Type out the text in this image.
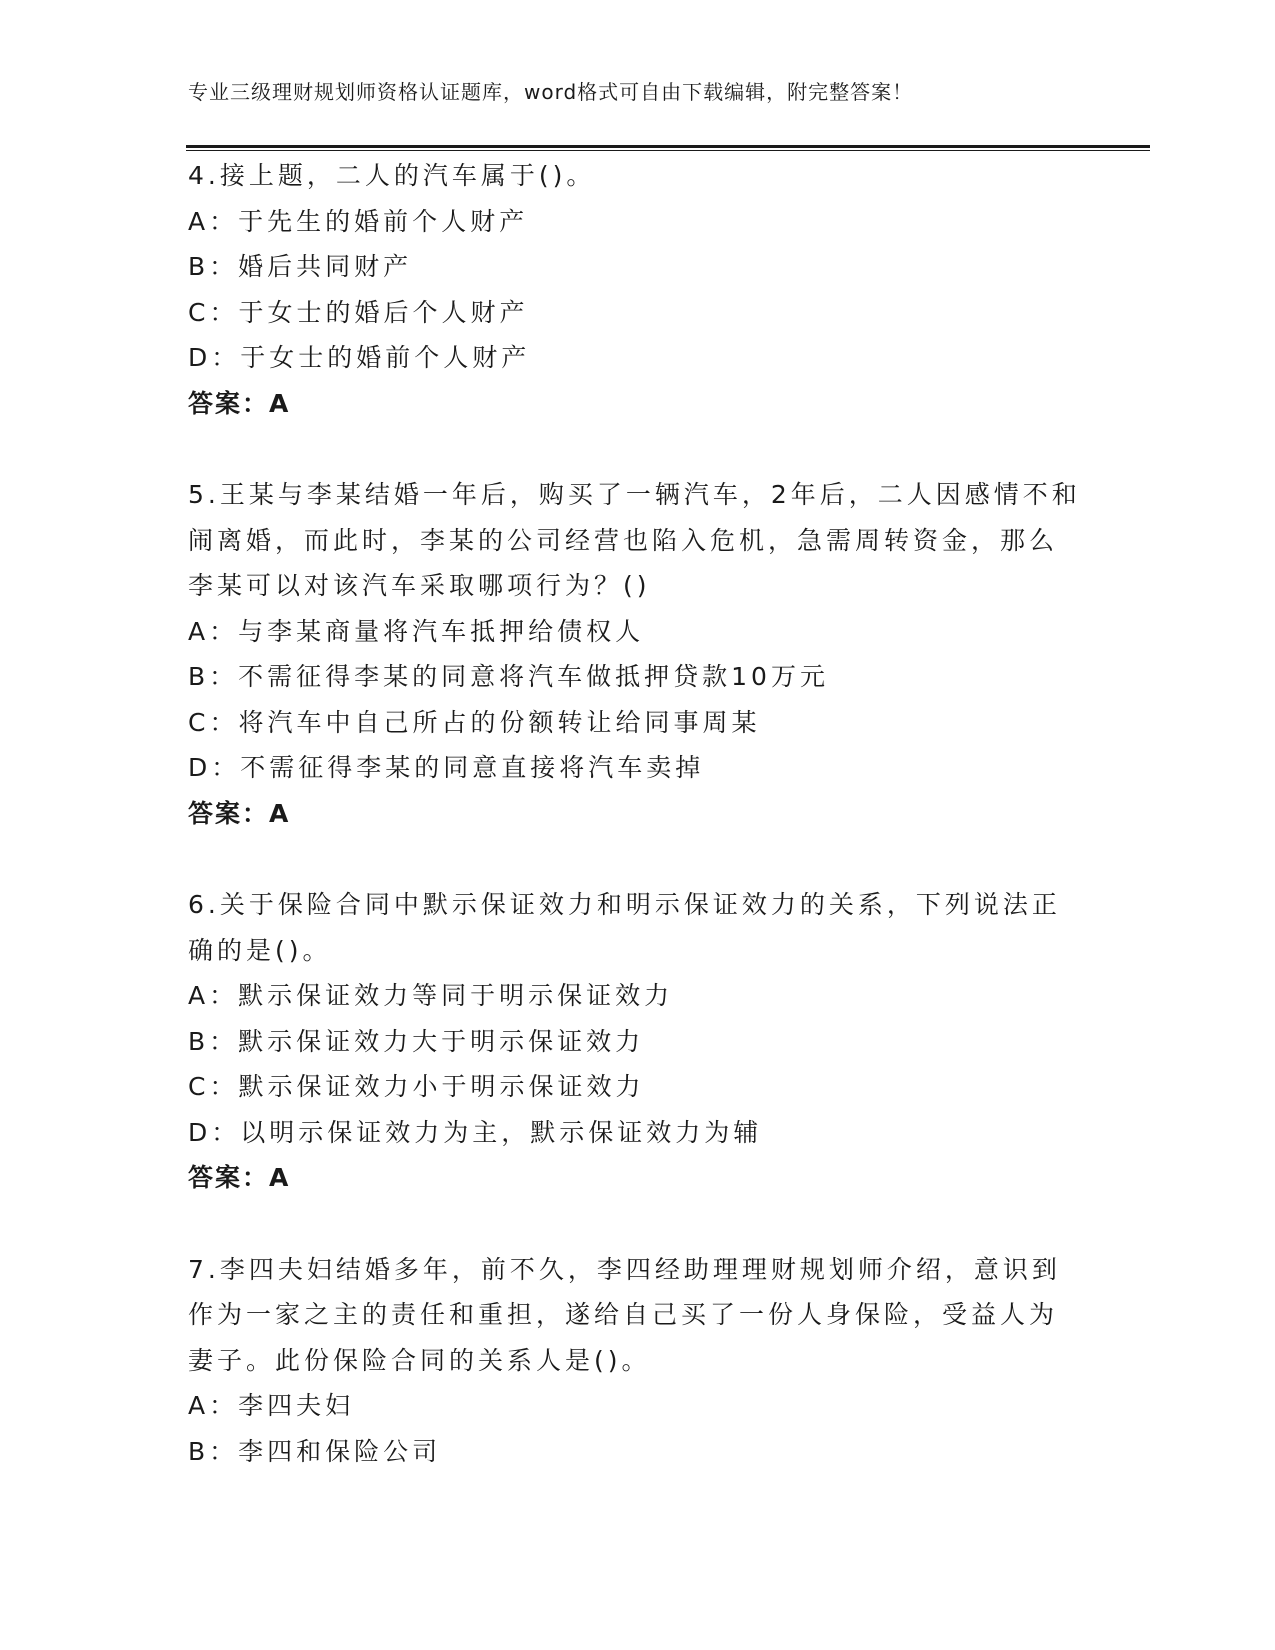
专业三级理财规划师资格认证题库，word格式可自由下载编辑，附完整答案！
4.接上题，二人的汽车属于()。
A：于先生的婚前个人财产
B：婚后共同财产
C：于女士的婚后个人财产
D：于女士的婚前个人财产
答案：A
5.王某与李某结婚一年后，购买了一辆汽车，2年后，二人因感情不和
闹离婚，而此时，李某的公司经营也陷入危机，急需周转资金，那么
李某可以对该汽车采取哪项行为？()
A：与李某商量将汽车抵押给债权人
B：不需征得李某的同意将汽车做抵押贷款10万元
C：将汽车中自己所占的份额转让给同事周某
D：不需征得李某的同意直接将汽车卖掉
答案：A
6.关于保险合同中默示保证效力和明示保证效力的关系，下列说法正
确的是()。
A：默示保证效力等同于明示保证效力
B：默示保证效力大于明示保证效力
C：默示保证效力小于明示保证效力
D：以明示保证效力为主，默示保证效力为辅
答案：A
7.李四夫妇结婚多年，前不久，李四经助理理财规划师介绍，意识到
作为一家之主的责任和重担，遂给自己买了一份人身保险，受益人为
妻子。此份保险合同的关系人是()。
A：李四夫妇
B：李四和保险公司
